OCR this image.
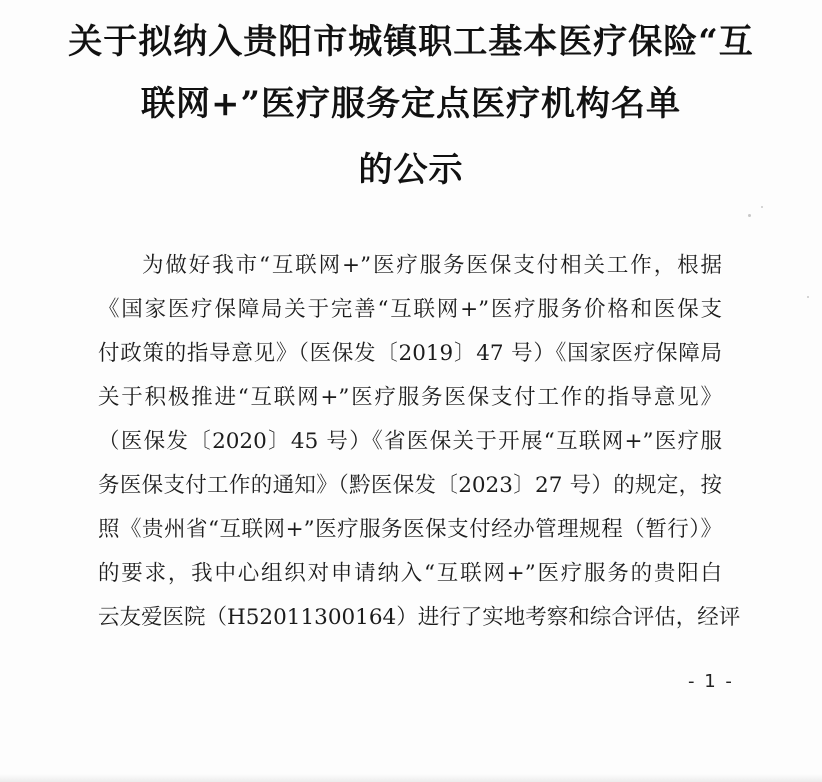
关于拟纳入贵阳市城镇职工基本医疗保险“互
联网+”医疗服务定点医疗机构名单
的公示
为做好我市“互联网+”医疗服务医保支付相关工作，根据
《国家医疗保障局关于完善“互联网+”医疗服务价格和医保支
付政策的指导意见》（医保发〔2019〕47 号）《国家医疗保障局
关于积极推进“互联网+”医疗服务医保支付工作的指导意见》
（医保发〔2020〕45 号）《省医保关于开展“互联网+”医疗服
务医保支付工作的通知》（黔医保发〔2023〕27 号）的规定，按
照《贵州省“互联网+”医疗服务医保支付经办管理规程（暂行）》
的要求，我中心组织对申请纳入“互联网+”医疗服务的贵阳白
云友爱医院（H52011300164）进行了实地考察和综合评估，经评
- 1 -
